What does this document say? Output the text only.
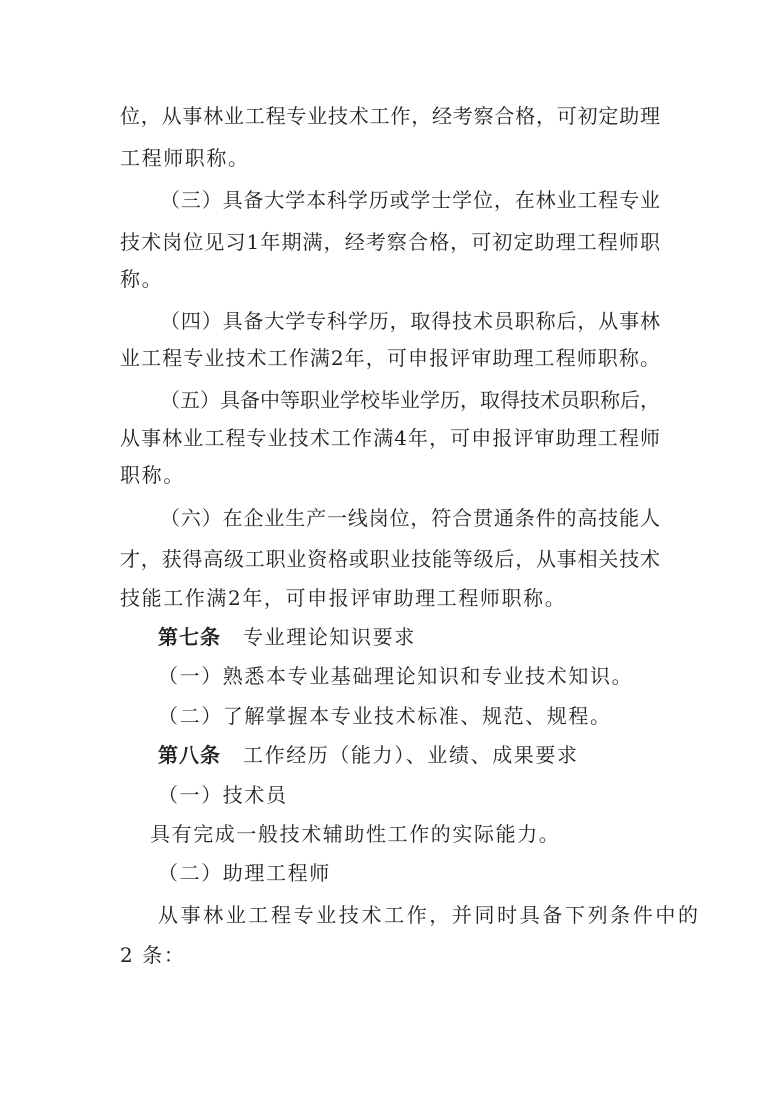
位，从事林业工程专业技术工作，经考察合格，可初定助理
工程师职称。
（三）具备大学本科学历或学士学位，在林业工程专业
技术岗位见习1年期满，经考察合格，可初定助理工程师职
称。
（四）具备大学专科学历，取得技术员职称后，从事林
业工程专业技术工作满2年，可申报评审助理工程师职称。
（五）具备中等职业学校毕业学历，取得技术员职称后，
从事林业工程专业技术工作满4年，可申报评审助理工程师
职称。
（六）在企业生产一线岗位，符合贯通条件的高技能人
才，获得高级工职业资格或职业技能等级后，从事相关技术
技能工作满2年，可申报评审助理工程师职称。
第七条 专业理论知识要求
（一）熟悉本专业基础理论知识和专业技术知识。
（二）了解掌握本专业技术标准、规范、规程。
第八条 工作经历（能力）、业绩、成果要求
（一）技术员
具有完成一般技术辅助性工作的实际能力。
（二）助理工程师
从事林业工程专业技术工作，并同时具备下列条件中的
2 条：
